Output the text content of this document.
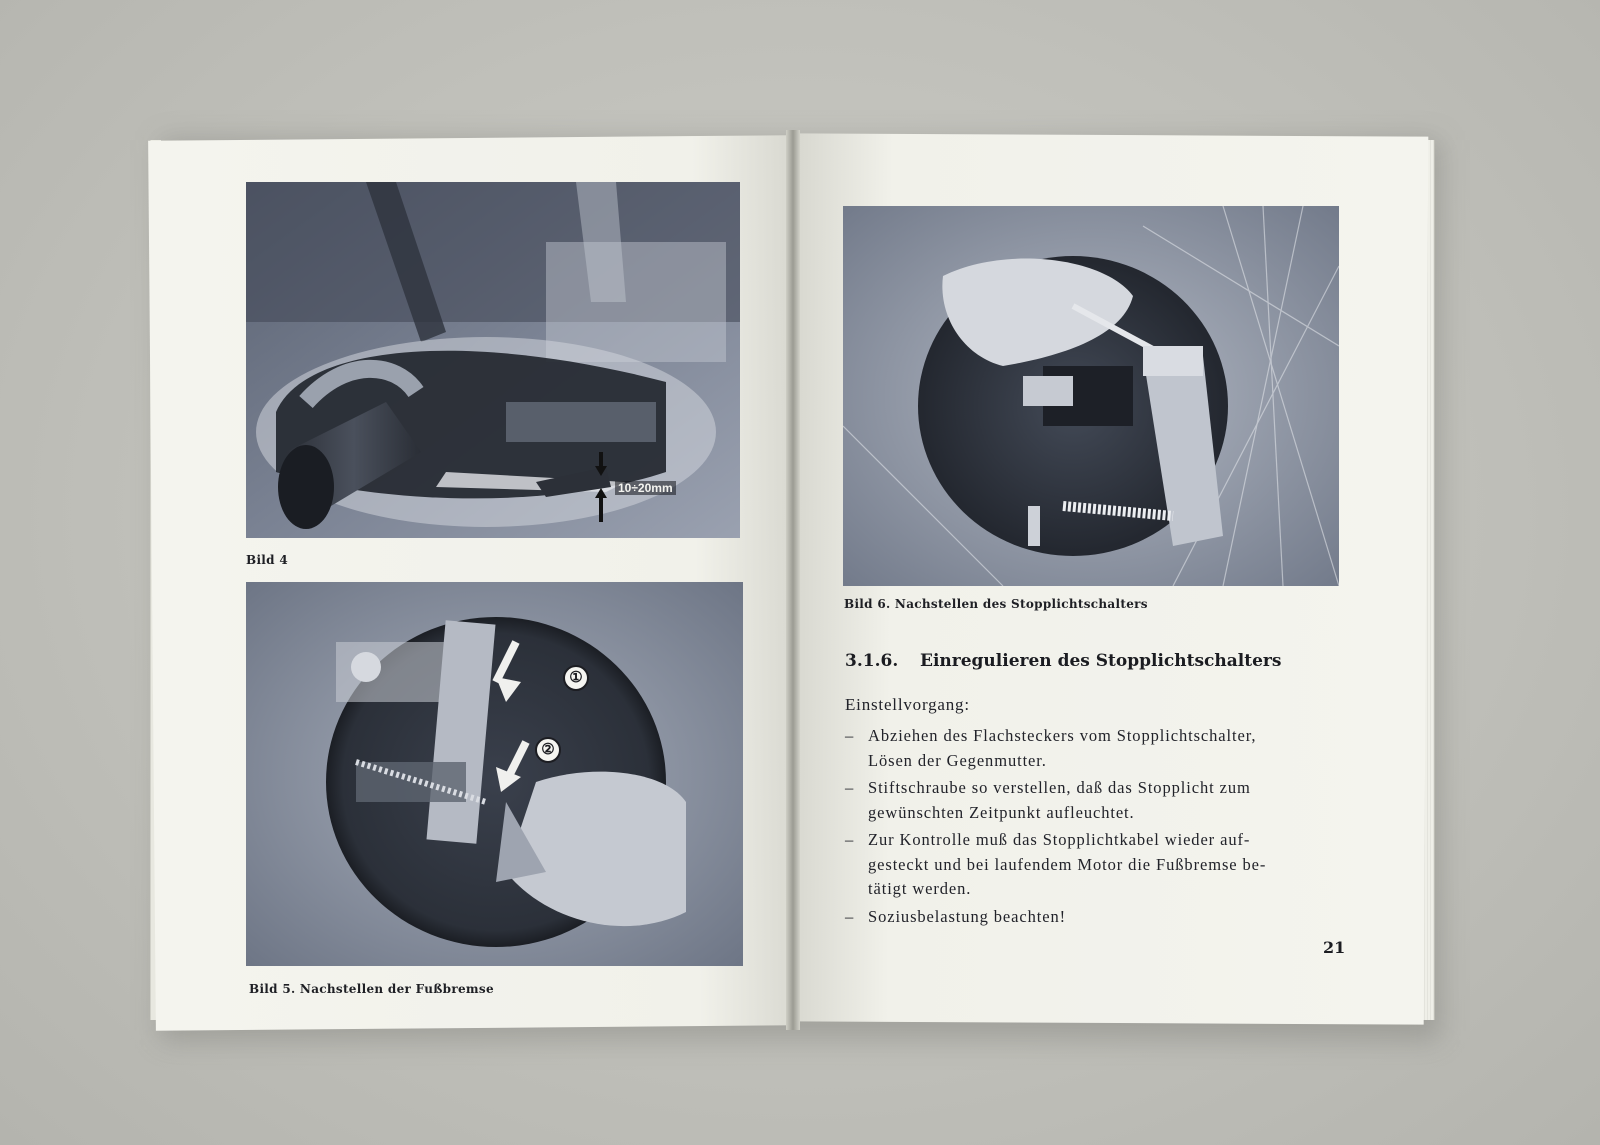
10÷20mm
Bild 4
①
②
Bild 5. Nachstellen der Fußbremse
Bild 6. Nachstellen des Stopplichtschalters
3.1.6. Einregulieren des Stopplichtschalters
Einstellvorgang:
– Abziehen des Flachsteckers vom Stopplichtschalter,
Lösen der Gegenmutter.
– Stiftschraube so verstellen, daß das Stopplicht zum
gewünschten Zeitpunkt aufleuchtet.
– Zur Kontrolle muß das Stopplichtkabel wieder auf-
gesteckt und bei laufendem Motor die Fußbremse be-
tätigt werden.
– Soziusbelastung beachten!
21
